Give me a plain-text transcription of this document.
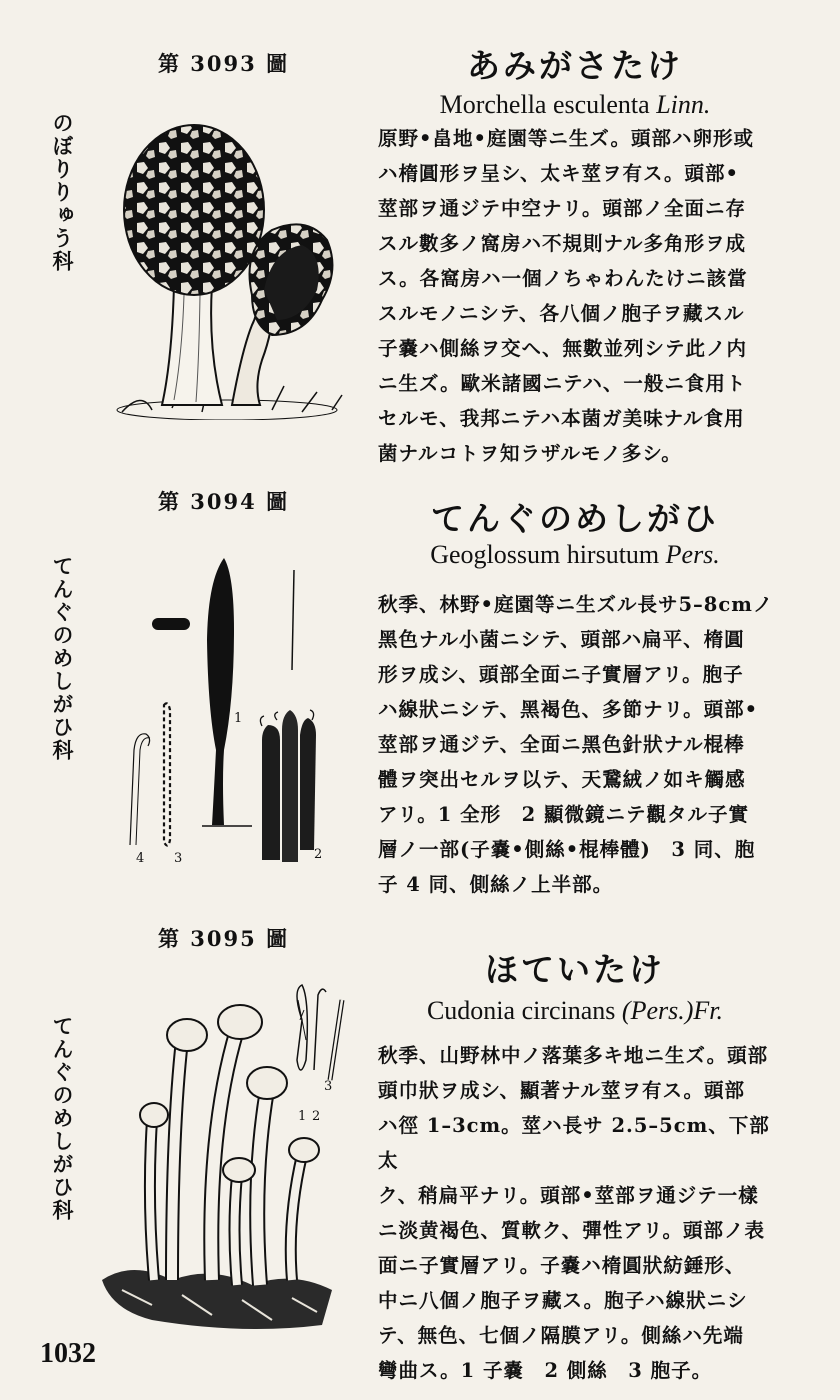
第 3093 圖
のぼりりゅう科
あみがさたけ
Morchella esculenta Linn.

原野•畠地•庭園等ニ生ズ。頭部ハ卵形或

ハ楕圓形ヲ呈シ、太キ莖ヲ有ス。頭部•

莖部ヲ通ジテ中空ナリ。頭部ノ全面ニ存

スル數多ノ窩房ハ不規則ナル多角形ヲ成

ス。各窩房ハ一個ノちゃわんたけニ該當

スルモノニシテ、各八個ノ胞子ヲ藏スル

子嚢ハ側絲ヲ交ヘ、無數並列シテ此ノ内

ニ生ズ。歐米諸國ニテハ、一般ニ食用ト

セルモ、我邦ニテハ本菌ガ美味ナル食用

菌ナルコトヲ知ラザルモノ多シ。

第 3094 圖
てんぐのめしがひ科
てんぐのめしがひ
Geoglossum hirsutum Pers.

秋季、林野•庭園等ニ生ズル長サ5–8cmノ

黑色ナル小菌ニシテ、頭部ハ扁平、楕圓

形ヲ成シ、頭部全面ニ子實層アリ。胞子

ハ線狀ニシテ、黑褐色、多節ナリ。頭部•

莖部ヲ通ジテ、全面ニ黑色針狀ナル棍棒

體ヲ突出セルヲ以テ、天鵞絨ノ如キ觸感

アリ。1 全形　2 顯微鏡ニテ觀タル子實

層ノ一部(子嚢•側絲•棍棒體)　3 同、胞

子 4 同、側絲ノ上半部。

1
4 3	2
第 3095 圖
てんぐのめしがひ科
ほていたけ
Cudonia circinans (Pers.)Fr.

秋季、山野林中ノ落葉多キ地ニ生ズ。頭部

頭巾狀ヲ成シ、顯著ナル莖ヲ有ス。頭部

ハ徑 1–3cm。莖ハ長サ 2.5–5cm、下部太

ク、稍扁平ナリ。頭部•莖部ヲ通ジテ一樣

ニ淡黄褐色、質軟ク、彈性アリ。頭部ノ表

面ニ子實層アリ。子嚢ハ楕圓狀紡錘形、

中ニ八個ノ胞子ヲ藏ス。胞子ハ線狀ニシ

テ、無色、七個ノ隔膜アリ。側絲ハ先端

彎曲ス。1 子嚢　2 側絲　3 胞子。

1 2
3
1032
